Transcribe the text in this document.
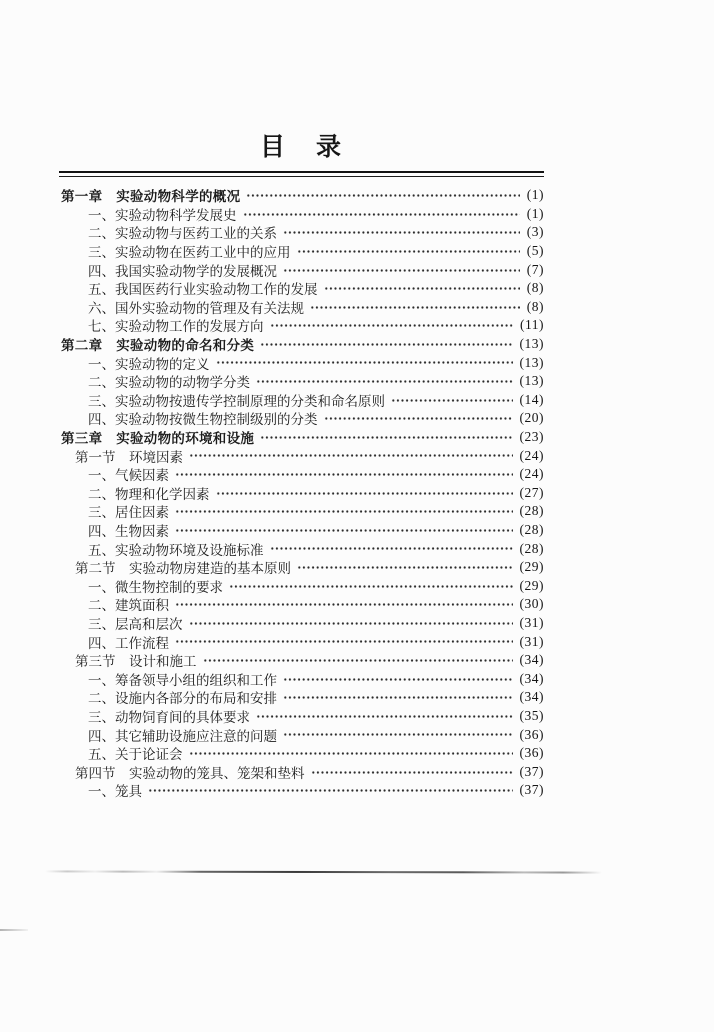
目　录
第一章　实验动物科学的概况	(1)
一、实验动物科学发展史	(1)
二、实验动物与医药工业的关系	(3)
三、实验动物在医药工业中的应用	(5)
四、我国实验动物学的发展概况	(7)
五、我国医药行业实验动物工作的发展	(8)
六、国外实验动物的管理及有关法规	(8)
七、实验动物工作的发展方向	(11)
第二章　实验动物的命名和分类	(13)
一、实验动物的定义	(13)
二、实验动物的动物学分类	(13)
三、实验动物按遗传学控制原理的分类和命名原则	(14)
四、实验动物按微生物控制级别的分类	(20)
第三章　实验动物的环境和设施	(23)
第一节　环境因素	(24)
一、气候因素	(24)
二、物理和化学因素	(27)
三、居住因素	(28)
四、生物因素	(28)
五、实验动物环境及设施标准	(28)
第二节　实验动物房建造的基本原则	(29)
一、微生物控制的要求	(29)
二、建筑面积	(30)
三、层高和层次	(31)
四、工作流程	(31)
第三节　设计和施工	(34)
一、筹备领导小组的组织和工作	(34)
二、设施内各部分的布局和安排	(34)
三、动物饲育间的具体要求	(35)
四、其它辅助设施应注意的问题	(36)
五、关于论证会	(36)
第四节　实验动物的笼具、笼架和垫料	(37)
一、笼具	(37)
